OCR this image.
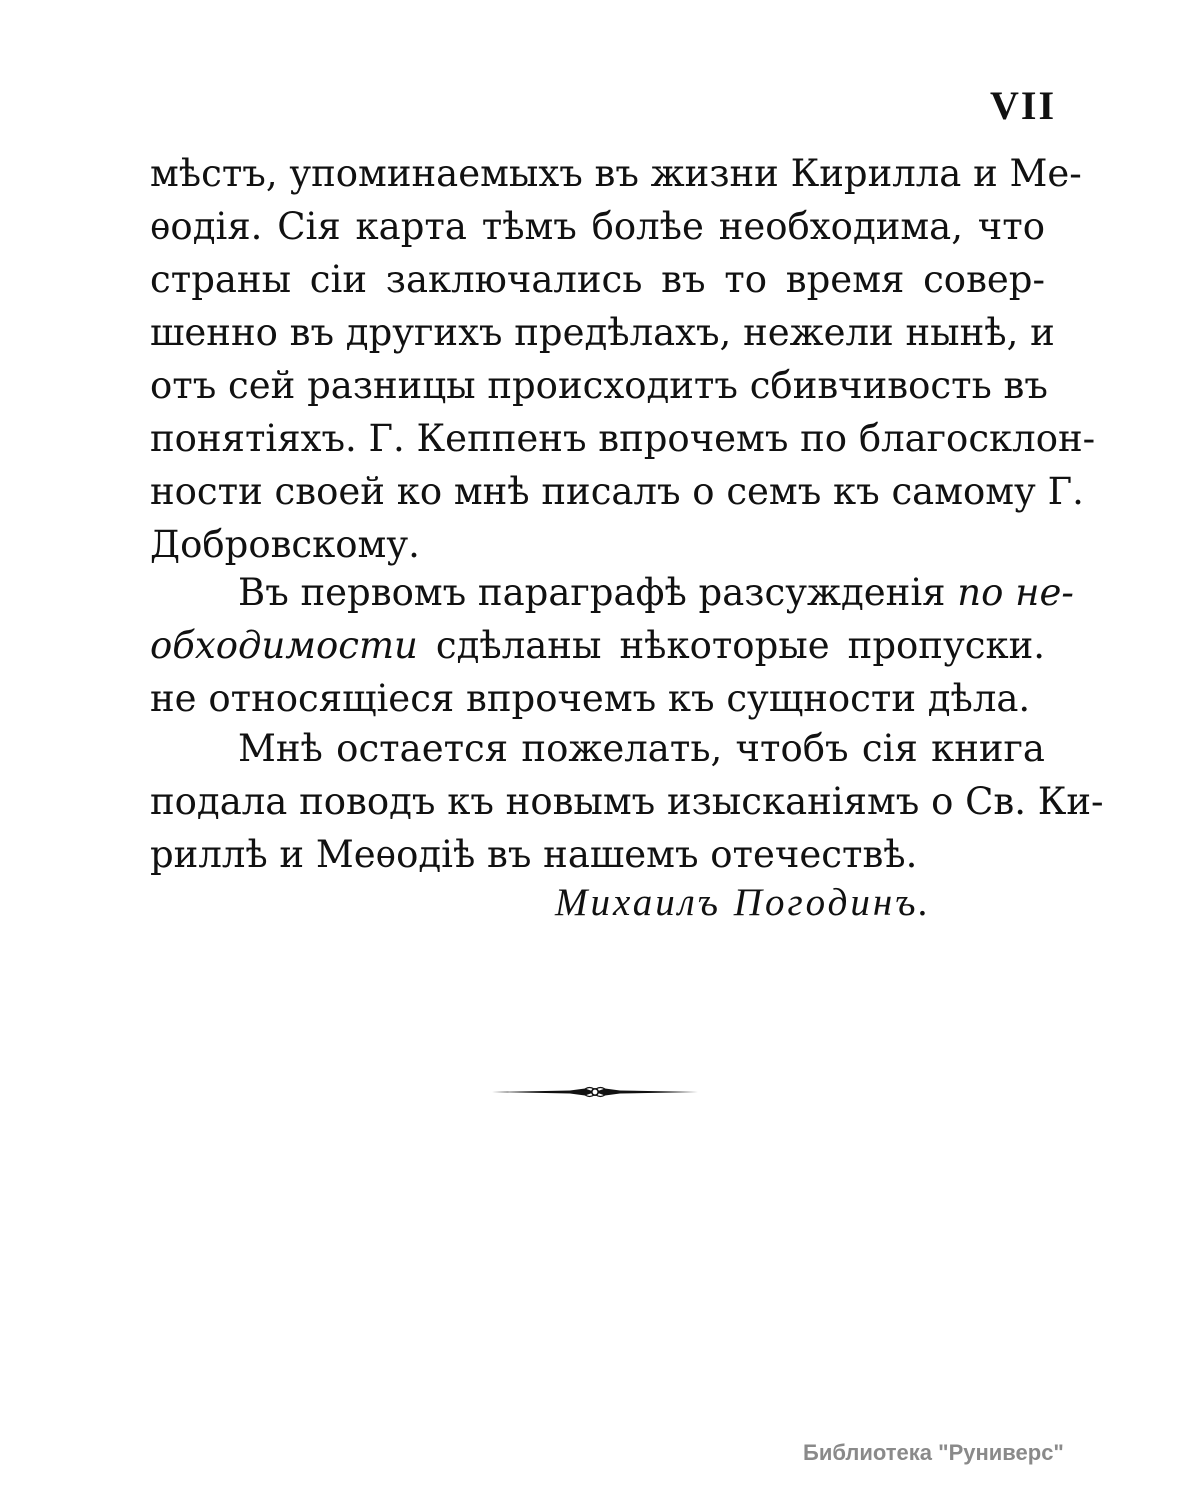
VII
мѣстъ, упоминаемыхъ въ жизни Кирилла и Ме-
ѳодія. Сія карта тѣмъ болѣе необходима, что
страны сіи заключались въ то время совер-
шенно въ другихъ предѣлахъ, нежели нынѣ, и
отъ сей разницы происходитъ сбивчивость въ
понятіяхъ. Г. Кеппенъ впрочемъ по благосклон-
ности своей ко мнѣ писалъ о семъ къ самому Г.
Добровскому.
Въ первомъ параграфѣ разсужденія по не-
обходимости сдѣланы нѣкоторые пропуски.
не относящіеся впрочемъ къ сущности дѣла.
Мнѣ остается пожелать, чтобъ сія книга
подала поводъ къ новымъ изысканіямъ о Св. Ки-
риллѣ и Меѳодіѣ въ нашемъ отечествѣ.
Михаилъ Погодинъ.
Библиотека "Руниверс"
